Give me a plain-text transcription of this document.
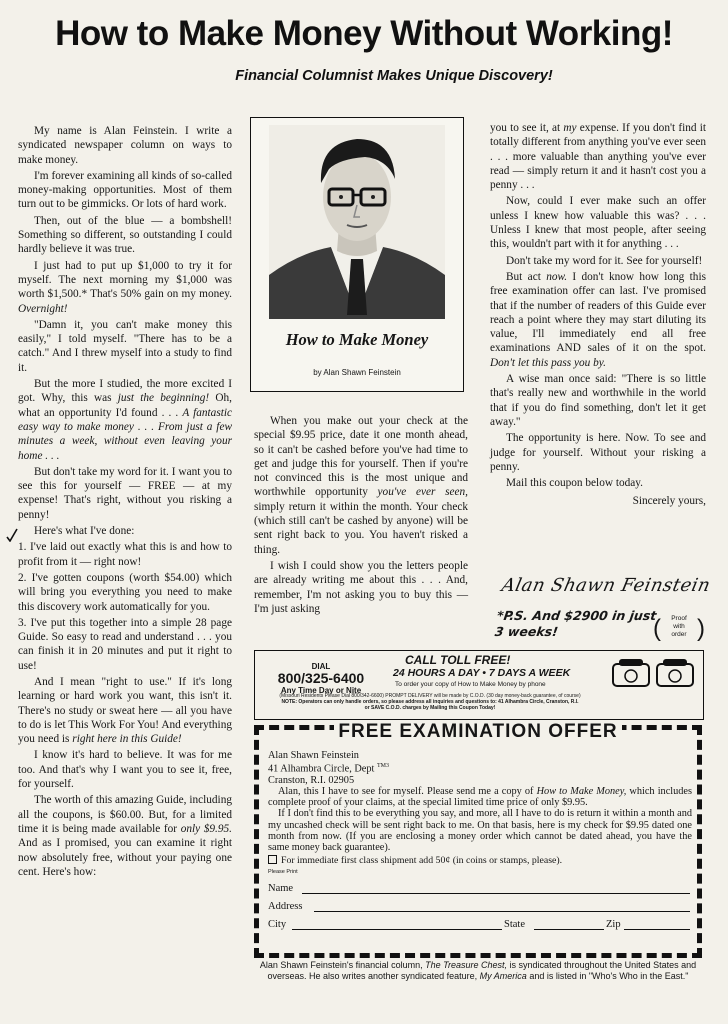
How to Make Money Without Working!
Financial Columnist Makes Unique Discovery!

My name is Alan Feinstein. I write a syndicated newspaper column on ways to make money.

I'm forever examining all kinds of so-called money-making opportunities. Most of them turn out to be gimmicks. Or lots of hard work.

Then, out of the blue — a bombshell! Something so different, so outstanding I could hardly believe it was true.

I just had to put up $1,000 to try it for myself. The next morning my $1,000 was worth $1,500.* That's 50% gain on my money. Overnight!

"Damn it, you can't make money this easily," I told myself. "There has to be a catch." And I threw myself into a study to find it.

But the more I studied, the more excited I got. Why, this was just the beginning! Oh, what an opportunity I'd found . . . A fantastic easy way to make money . . . From just a few minutes a week, without even leaving your home . . .

But don't take my word for it. I want you to see this for yourself — FREE — at my expense! That's right, without you risking a penny!

Here's what I've done:

1. I've laid out exactly what this is and how to profit from it — right now!

2. I've gotten coupons (worth $54.00) which will bring you everything you need to make this discovery work automatically for you.

3. I've put this together into a simple 28 page Guide. So easy to read and understand . . . you can finish it in 20 minutes and put it right to use!

And I mean "right to use." If it's long learning or hard work you want, this isn't it. There's no study or sweat here — all you have to do is let This Work For You! And everything you need is right here in this Guide!

I know it's hard to believe. It was for me too. And that's why I want you to see it, free, for yourself.

The worth of this amazing Guide, including all the coupons, is $60.00. But, for a limited time it is being made available for only $9.95. And as I promised, you can examine it right now absolutely free, without your paying one cent. Here's how:

How to Make Money
by Alan Shawn Feinstein

When you make out your check at the special $9.95 price, date it one month ahead, so it can't be cashed before you've had time to get and judge this for yourself. Then if you're not convinced this is the most unique and worthwhile opportunity you've ever seen, simply return it within the month. Your check (which still can't be cashed by anyone) will be sent right back to you. You haven't risked a thing.

I wish I could show you the letters people are already writing me about this . . . And, remember, I'm not asking you to buy this — I'm just asking

you to see it, at my expense. If you don't find it totally different from anything you've ever seen . . . more valuable than anything you've ever read — simply return it and it hasn't cost you a penny . . .

Now, could I ever make such an offer unless I knew how valuable this was? . . . Unless I knew that most people, after seeing this, wouldn't part with it for anything . . .

Don't take my word for it. See for yourself!

But act now. I don't know how long this free examination offer can last. I've promised that if the number of readers of this Guide ever reach a point where they may start diluting its value, I'll immediately end all free examinations AND sales of it on the spot. Don't let this pass you by.

A wise man once said: "There is so little that's really new and worthwhile in the world that if you do find something, don't let it get away."

The opportunity is here. Now. To see and judge for yourself. Without your risking a penny.

Mail this coupon below today.

Sincerely yours,

Alan Shawn Feinstein
*P.S. And $2900 in just 3 weeks!	( )
Proof
with
order
CALL TOLL FREE!
DIAL
800/325-6400
Any Time Day or Nite
24 HOURS A DAY • 7 DAYS A WEEK
To order your copy of How to Make Money by phone
(Missouri Residents Please Dial 800/342-6600) PROMPT DELIVERY will be made by C.O.D. (30 day money-back guarantee, of course)
NOTE: Operators can only handle orders, so please address all inquiries and questions to: 41 Alhambra Circle, Cranston, R.I.
or SAVE C.O.D. charges by Mailing this Coupon Today!
FREE EXAMINATION OFFER
Alan Shawn Feinstein
41 Alhambra Circle, Dept $^{TM3}$
Cranston, R.I. 02905

Alan, this I have to see for myself. Please send me a copy of How to Make Money, which includes complete proof of your claims, at the special limited time price of only $9.95.

If I don't find this to be everything you say, and more, all I have to do is return it within a month and my uncashed check will be sent right back to me. On that basis, here is my check for $9.95 dated one month from now. (If you are enclosing a money order which cannot be dated ahead, you have the same money back guarantee).

For immediate first class shipment add 50¢ (in coins or stamps, please).
Please Print
Name
Address
City	State	Zip
Alan Shawn Feinstein's financial column, The Treasure Chest, is syndicated throughout the United States and overseas. He also writes another syndicated feature, My America and is listed in "Who's Who in the East."
